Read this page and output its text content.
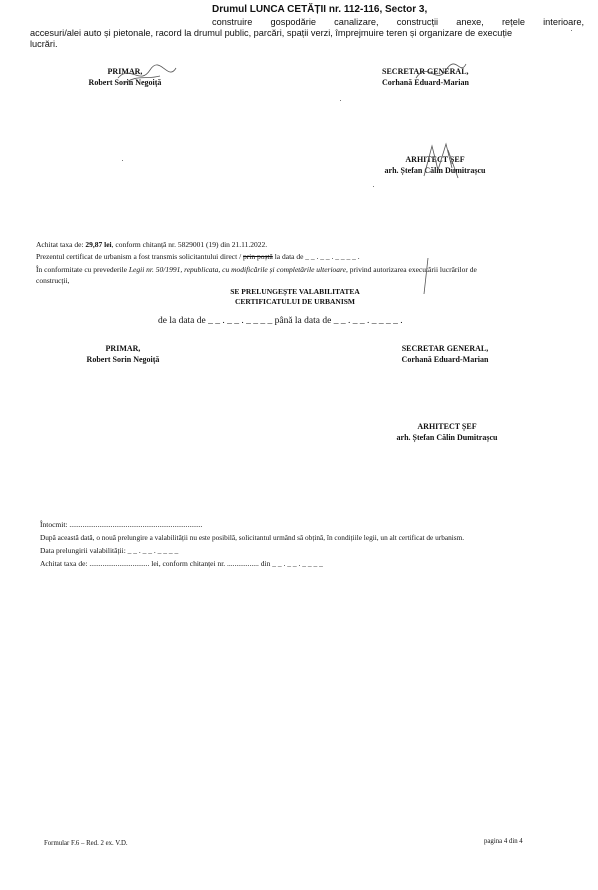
Drumul LUNCA CETĂȚII nr. 112-116, Sector 3,
construire gospodărie canalizare, construcții anexe, rețele interioare,
accesuri/alei auto și pietonale, racord la drumul public, parcări, spații verzi, împrejmuire teren și organizare de execuție
lucrări.
PRIMAR,
Robert Sorin Negoiță
SECRETAR GENERAL,
Corhană Eduard-Marian
ARHITECT ȘEF
arh. Ștefan Călin Dumitrașcu
Achitat taxa de: 29,87 lei, conform chitanță nr. 5829001 (19) din 21.11.2022.
Prezentul certificat de urbanism a fost transmis solicitantului direct / prin poștă la data de _ _ . _ _ . _ _ _ _ .
În conformitate cu prevederile Legii nr. 50/1991, republicata, cu modificările și completările ulterioare, privind autorizarea executării lucrărilor de
construcții,
SE PRELUNGEȘTE VALABILITATEA
CERTIFICATULUI DE URBANISM
de la data de _ _ . _ _ . _ _ _ _ până la data de _ _ . _ _ . _ _ _ _ .
PRIMAR,
Robert Sorin Negoiță
SECRETAR GENERAL,
Corhană Eduard-Marian
ARHITECT ȘEF
arh. Ștefan Călin Dumitrașcu
Întocmit: .......................................................................
După această dată, o nouă prelungire a valabilității nu este posibilă, solicitantul urmând să obțină, în condițiile legii, un alt certificat de urbanism.
Data prelungirii valabilității: _ _ . _ _ . _ _ _ _
Achitat taxa de: ................................ lei, conform chitanței nr. ................. din _ _ . _ _ . _ _ _ _
Formular F.6 – Red. 2 ex. V.D.	pagina 4 din 4
